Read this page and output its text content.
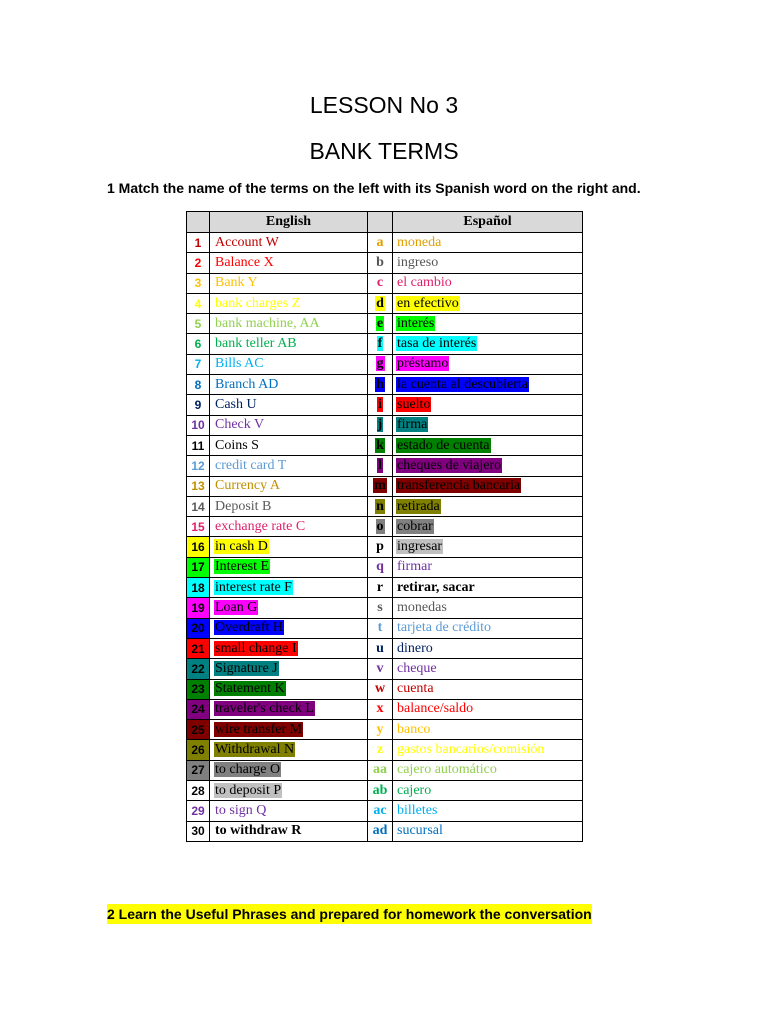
LESSON No 3
BANK TERMS
1 Match the name of the terms on the left with its Spanish word on the right and.
	English		Español
1	Account W	a	moneda
2	Balance X	b	ingreso
3	Bank Y	c	el cambio
4	bank charges Z	d	en efectivo
5	bank machine, AA	e	interés
6	bank teller AB	f	tasa de interés
7	Bills AC	g	préstamo
8	Branch AD	h	la cuenta al descubierta
9	Cash U	i	suelto
10	Check V	j	firma
11	Coins S	k	estado de cuenta
12	credit card T	l	cheques de viajero
13	Currency A	m	transferencia bancaria
14	Deposit B	n	retirada
15	exchange rate C	o	cobrar
16	in cash D	p	ingresar
17	Interest E	q	firmar
18	interest rate F	r	retirar, sacar
19	Loan G	s	monedas
20	Overdraft H	t	tarjeta de crédito
21	small change I	u	dinero
22	Signature J	v	cheque
23	Statement K	w	cuenta
24	traveler's check L	x	balance/saldo
25	wire transfer M	y	banco
26	Withdrawal N	z	gastos bancarios/comisión
27	to charge O	aa	cajero automático
28	to deposit P	ab	cajero
29	to sign Q	ac	billetes
30	to withdraw R	ad	sucursal
2 Learn the Useful Phrases and prepared for homework the conversation
